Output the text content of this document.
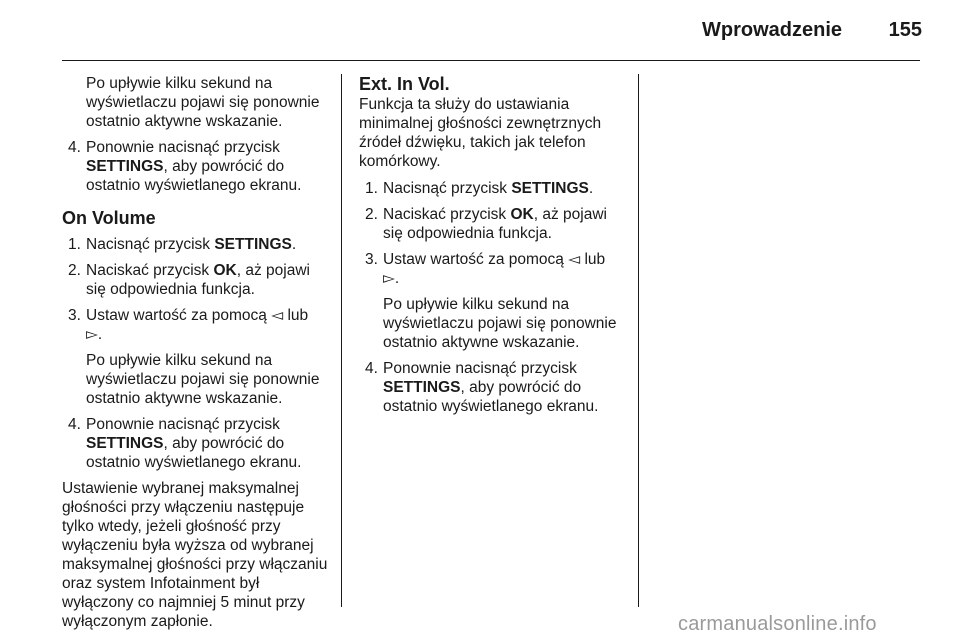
Wprowadzenie 155
Po upływie kilku sekund na wyświetlaczu pojawi się ponownie ostatnio aktywne wskazanie.
4. Ponownie nacisnąć przycisk
SETTINGS, aby powrócić do ostatnio wyświetlanego ekranu.
On Volume
1. Nacisnąć przycisk SETTINGS.
2. Naciskać przycisk OK, aż pojawi się odpowiednia funkcja.
3. Ustaw wartość za pomocą ◅ lub
▻.
Po upływie kilku sekund na wyświetlaczu pojawi się ponownie ostatnio aktywne wskazanie.
4. Ponownie nacisnąć przycisk
SETTINGS, aby powrócić do ostatnio wyświetlanego ekranu.
Ustawienie wybranej maksymalnej głośności przy włączeniu następuje tylko wtedy, jeżeli głośność przy wyłączeniu była wyższa od wybranej maksymalnej głośności przy włączaniu oraz system Infotainment był wyłączony co najmniej 5 minut przy wyłączonym zapłonie.
Ext. In Vol.
Funkcja ta służy do ustawiania minimalnej głośności zewnętrznych źródeł dźwięku, takich jak telefon komórkowy.
1. Nacisnąć przycisk SETTINGS.
2. Naciskać przycisk OK, aż pojawi się odpowiednia funkcja.
3. Ustaw wartość za pomocą ◅ lub
▻.
Po upływie kilku sekund na wyświetlaczu pojawi się ponownie ostatnio aktywne wskazanie.
4. Ponownie nacisnąć przycisk
SETTINGS, aby powrócić do ostatnio wyświetlanego ekranu.
carmanualsonline.info
